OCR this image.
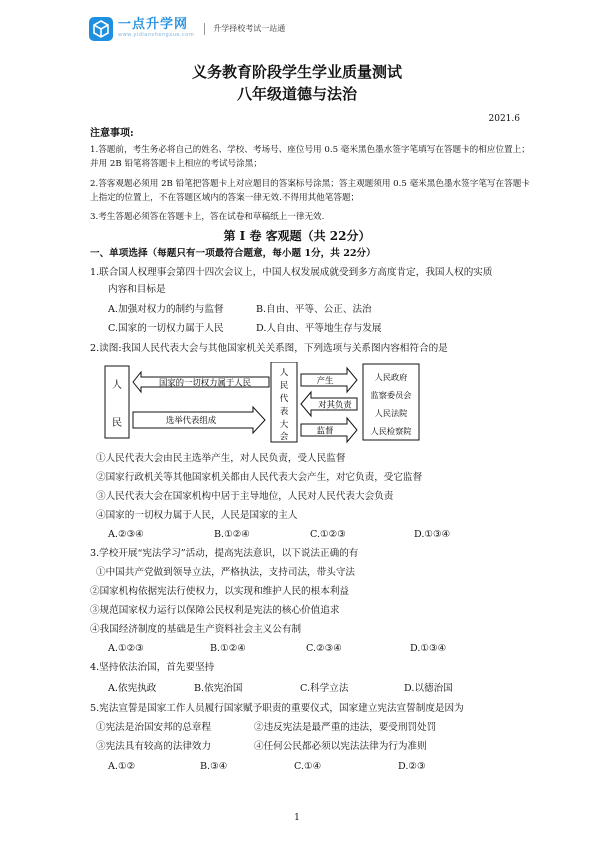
一点升学网
www.yidianshengxue.com
升学择校考试一站通
义务教育阶段学生学业质量测试
八年级道德与法治
2021.6
注意事项:
1.答题前，考生务必将自己的姓名、学校、考场号、座位号用 0.5 毫米黑色墨水签字笔填写在答题卡的相应位置上；并用 2B 铅笔将答题卡上相应的考试号涂黑；
2.答客观题必须用 2B 铅笔把答题卡上对应题目的答案标号涂黑；答主观题须用 0.5 毫米黑色墨水签字笔写在答题卡上指定的位置上，不在答题区域内的答案一律无效.不得用其他笔答题；
3.考生答题必须答在答题卡上，答在试卷和草稿纸上一律无效.
第 I 卷 客观题（共 22分）
一、单项选择（每题只有一项最符合题意，每小题 1分，共 22分）
1.联合国人权理事会第四十四次会议上，中国人权发展成就受到多方高度肯定，我国人权的实质
内容和目标是
A.加强对权力的制约与监督	B.自由、平等、公正、法治
C.国家的一切权力属于人民	D.人自由、平等地生存与发展
2.读图:我国人民代表大会与其他国家机关关系图，下列选项与关系图内容相符合的是
人
民
国家的一切权力属于人民
选举代表组成
人民代表大会
产生
对其负责
监督
人民政府
监察委员会
人民法院
人民检察院
①人民代表大会由民主选举产生，对人民负责，受人民监督
②国家行政机关等其他国家机关都由人民代表大会产生，对它负责，受它监督
③人民代表大会在国家机构中居于主导地位，人民对人民代表大会负责
④国家的一切权力属于人民，人民是国家的主人
A.②③④	B.①②④	C.①②③	D.①③④
3.学校开展“宪法学习”活动，提高宪法意识，以下说法正确的有
①中国共产党做到领导立法，严格执法，支持司法，带头守法
②国家机构依据宪法行使权力，以实现和维护人民的根本利益
③规范国家权力运行以保障公民权利是宪法的核心价值追求
④我国经济制度的基础是生产资料社会主义公有制
A.①②③	B.①②④	C.②③④	D.①③④
4.坚持依法治国，首先要坚持
A.依宪执政	B.依宪治国	C.科学立法	D.以德治国
5.宪法宣誓是国家工作人员履行国家赋予职责的重要仪式，国家建立宪法宣誓制度是因为
①宪法是治国安邦的总章程	②违反宪法是最严重的违法，要受刑罚处罚
③宪法具有较高的法律效力	④任何公民都必须以宪法法律为行为准则
A.①②	B.③④	C.①④	D.②③
1
